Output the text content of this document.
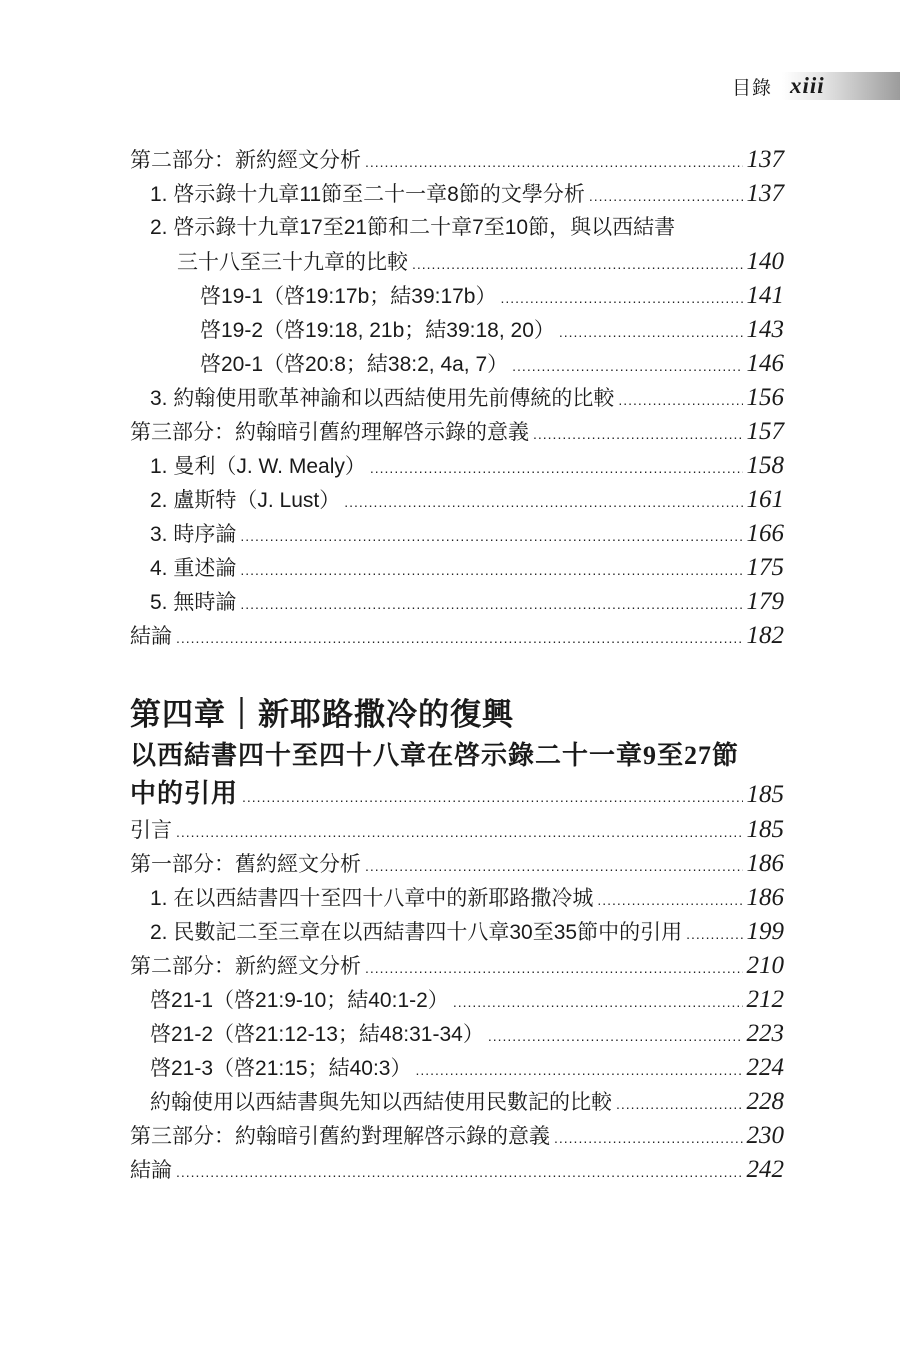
目錄 xiii
第二部分：新約經文分析 .....	137
1. 啓示錄十九章11節至二十一章8節的文學分析 .....	137
2. 啓示錄十九章17至21節和二十章7至10節，與以西結書
三十八至三十九章的比較 .....	140
啓19-1（啓19:17b；結39:17b） .....	141
啓19-2（啓19:18, 21b；結39:18, 20） .....	143
啓20-1（啓20:8；結38:2, 4a, 7） .....	146
3. 約翰使用歌革神諭和以西結使用先前傳統的比較 .....	156
第三部分：約翰暗引舊約理解啓示錄的意義 .....	157
1. 曼利（J. W. Mealy） .....	158
2. 盧斯特（J. Lust） .....	161
3. 時序論 .....	166
4. 重述論 .....	175
5. 無時論 .....	179
結論 .....	182
第四章｜新耶路撒冷的復興
以西結書四十至四十八章在啓示錄二十一章9至27節
中的引用 .....	185
引言 .....	185
第一部分：舊約經文分析 .....	186
1. 在以西結書四十至四十八章中的新耶路撒冷城 .....	186
2. 民數記二至三章在以西結書四十八章30至35節中的引用 .....	199
第二部分：新約經文分析 .....	210
啓21-1（啓21:9-10；結40:1-2） .....	212
啓21-2（啓21:12-13；結48:31-34） .....	223
啓21-3（啓21:15；結40:3） .....	224
約翰使用以西結書與先知以西結使用民數記的比較 .....	228
第三部分：約翰暗引舊約對理解啓示錄的意義 .....	230
結論 .....	242
